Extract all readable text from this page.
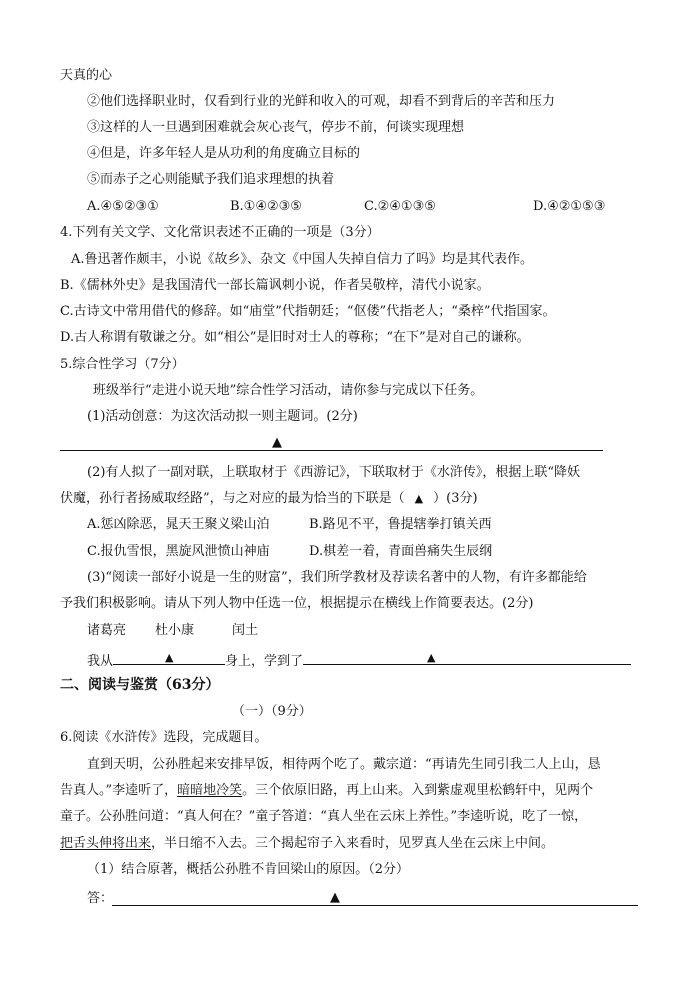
天真的心
②他们选择职业时，仅看到行业的光鲜和收入的可观，却看不到背后的辛苦和压力
③这样的人一旦遇到困难就会灰心丧气，停步不前，何谈实现理想
④但是，许多年轻人是从功利的角度确立目标的
⑤而赤子之心则能赋予我们追求理想的执着
A.④⑤②③①	B.①④②③⑤	C.②④①③⑤	D.④②①⑤③
4.下列有关文学、文化常识表述不正确的一项是（3分）
A.鲁迅著作颇丰，小说《故乡》、杂文《中国人失掉自信力了吗》均是其代表作。
B.《儒林外史》是我国清代一部长篇讽刺小说，作者吴敬梓，清代小说家。
C.古诗文中常用借代的修辞。如“庙堂”代指朝廷；“伛偻”代指老人；“桑梓”代指国家。
D.古人称谓有敬谦之分。如“相公”是旧时对士人的尊称；“在下”是对自己的谦称。
5.综合性学习（7分）
班级举行“走进小说天地”综合性学习活动，请你参与完成以下任务。
(1)活动创意：为这次活动拟一则主题词。(2分)
▲
(2)有人拟了一副对联，上联取材于《西游记》，下联取材于《水浒传》，根据上联“降妖
伏魔，孙行者扬威取经路”，与之对应的最为恰当的下联是（ ▲ ）(3分)
A.惩凶除恶，晁天王聚义梁山泊	B.路见不平，鲁提辖拳打镇关西
C.报仇雪恨，黑旋风泄愤山神庙	D.棋差一着，青面兽痛失生辰纲
(3)“阅读一部好小说是一生的财富”，我们所学教材及荐读名著中的人物，有许多都能给
予我们积极影响。请从下列人物中任选一位，根据提示在横线上作简要表达。(2分)
诸葛亮 杜小康	闰土
我从	▲	身上，学到了	▲
二、阅读与鉴赏（63分）
（一）（9分）
6.阅读《水浒传》选段，完成题目。
直到天明，公孙胜起来安排早饭，相待两个吃了。戴宗道：“再请先生同引我二人上山，恳
告真人。”李逵听了，暗暗地冷笑。三个依原旧路，再上山来。入到紫虚观里松鹤轩中，见两个
童子。公孙胜问道：“真人何在？”童子答道：“真人坐在云床上养性。”李逵听说，吃了一惊，
把舌头伸将出来，半日缩不入去。三个揭起帘子入来看时，见罗真人坐在云床上中间。
（1）结合原著，概括公孙胜不肯回梁山的原因。（2分）
答：	▲
